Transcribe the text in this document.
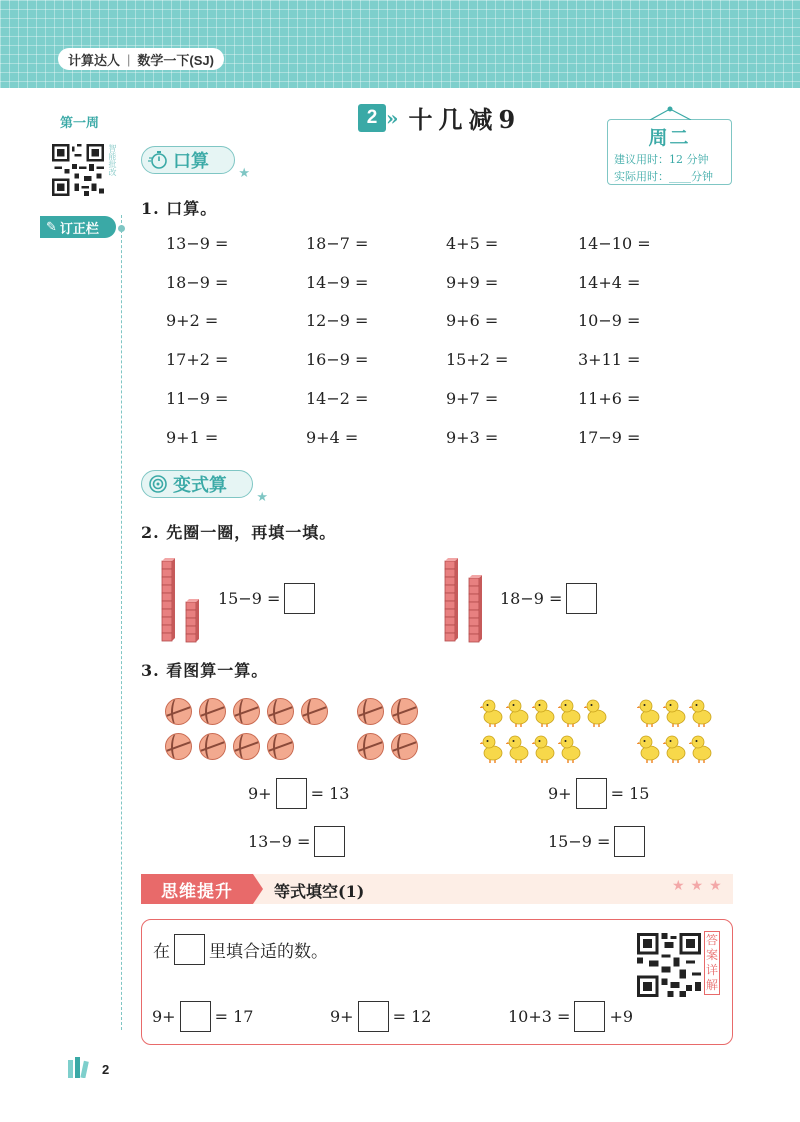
计算达人 | 数学一下(SJ)
第一周
智能批改
✎ 订正栏
2
2 » 十几减9
周二
建议用时：12 分钟
实际用时：____分钟
口算
★
1. 口算。
13−9 =	18−7 =	4+5 =	14−10 =
18−9 =	14−9 =	9+9 =	14+4 =
9+2 =	12−9 =	9+6 =	10−9 =
17+2 =	16−9 =	15+2 =	3+11 =
11−9 =	14−2 =	9+7 =	11+6 =
9+1 =	9+4 =	9+3 =	17−9 =
变式算
★
2. 先圈一圈，再填一填。
15−9 =	18−9 =
3. 看图算一算。
9+ = 13
13−9 =
9+ = 15
15−9 =
思维提升	等式填空(1)	★★★
在 里填合适的数。
答案详解
9+ = 17	9+ = 12	10+3 = +9
